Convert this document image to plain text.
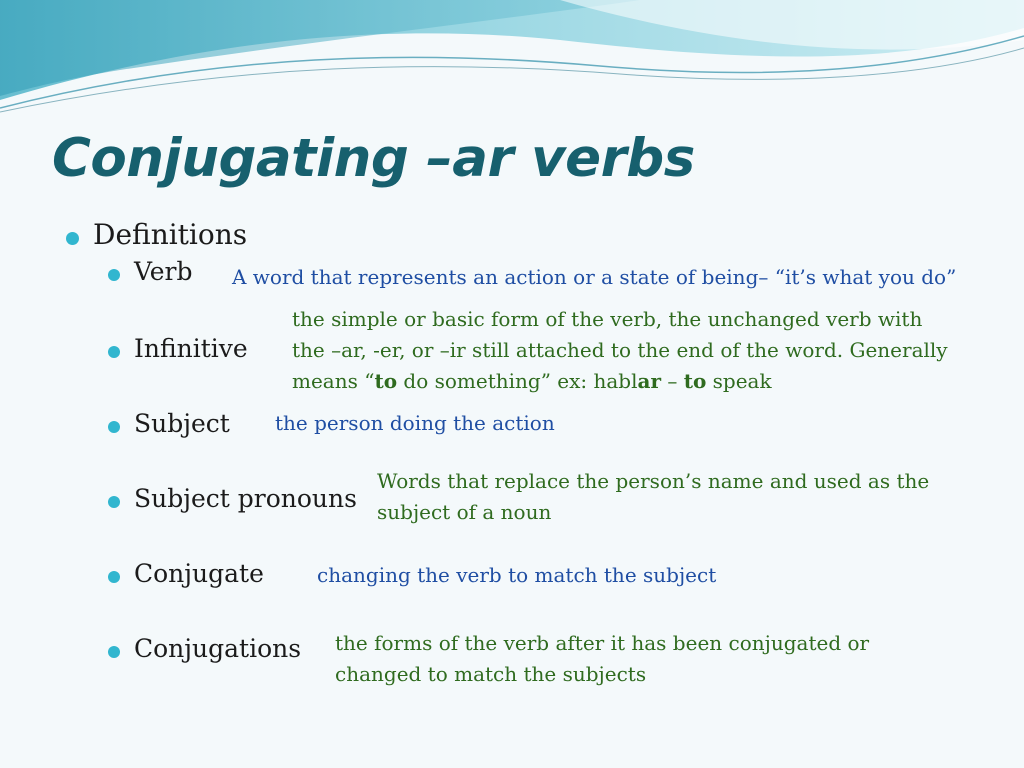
Conjugating –ar verbs
Definitions
Verb A word that represents an action or a state of being– “it’s what you do”

Infinitive

the simple or basic form of the verb, the unchanged verb with

the –ar, -er, or –ir still attached to the end of the word. Generally

means “to do something” ex: hablar – to speak

Subject the person doing the action

Subject pronouns

Words that replace the person’s name and used as the

subject of a noun

Conjugate	changing the verb to match the subject

Conjugations the forms of the verb after it has been conjugated or

changed to match the subjects
